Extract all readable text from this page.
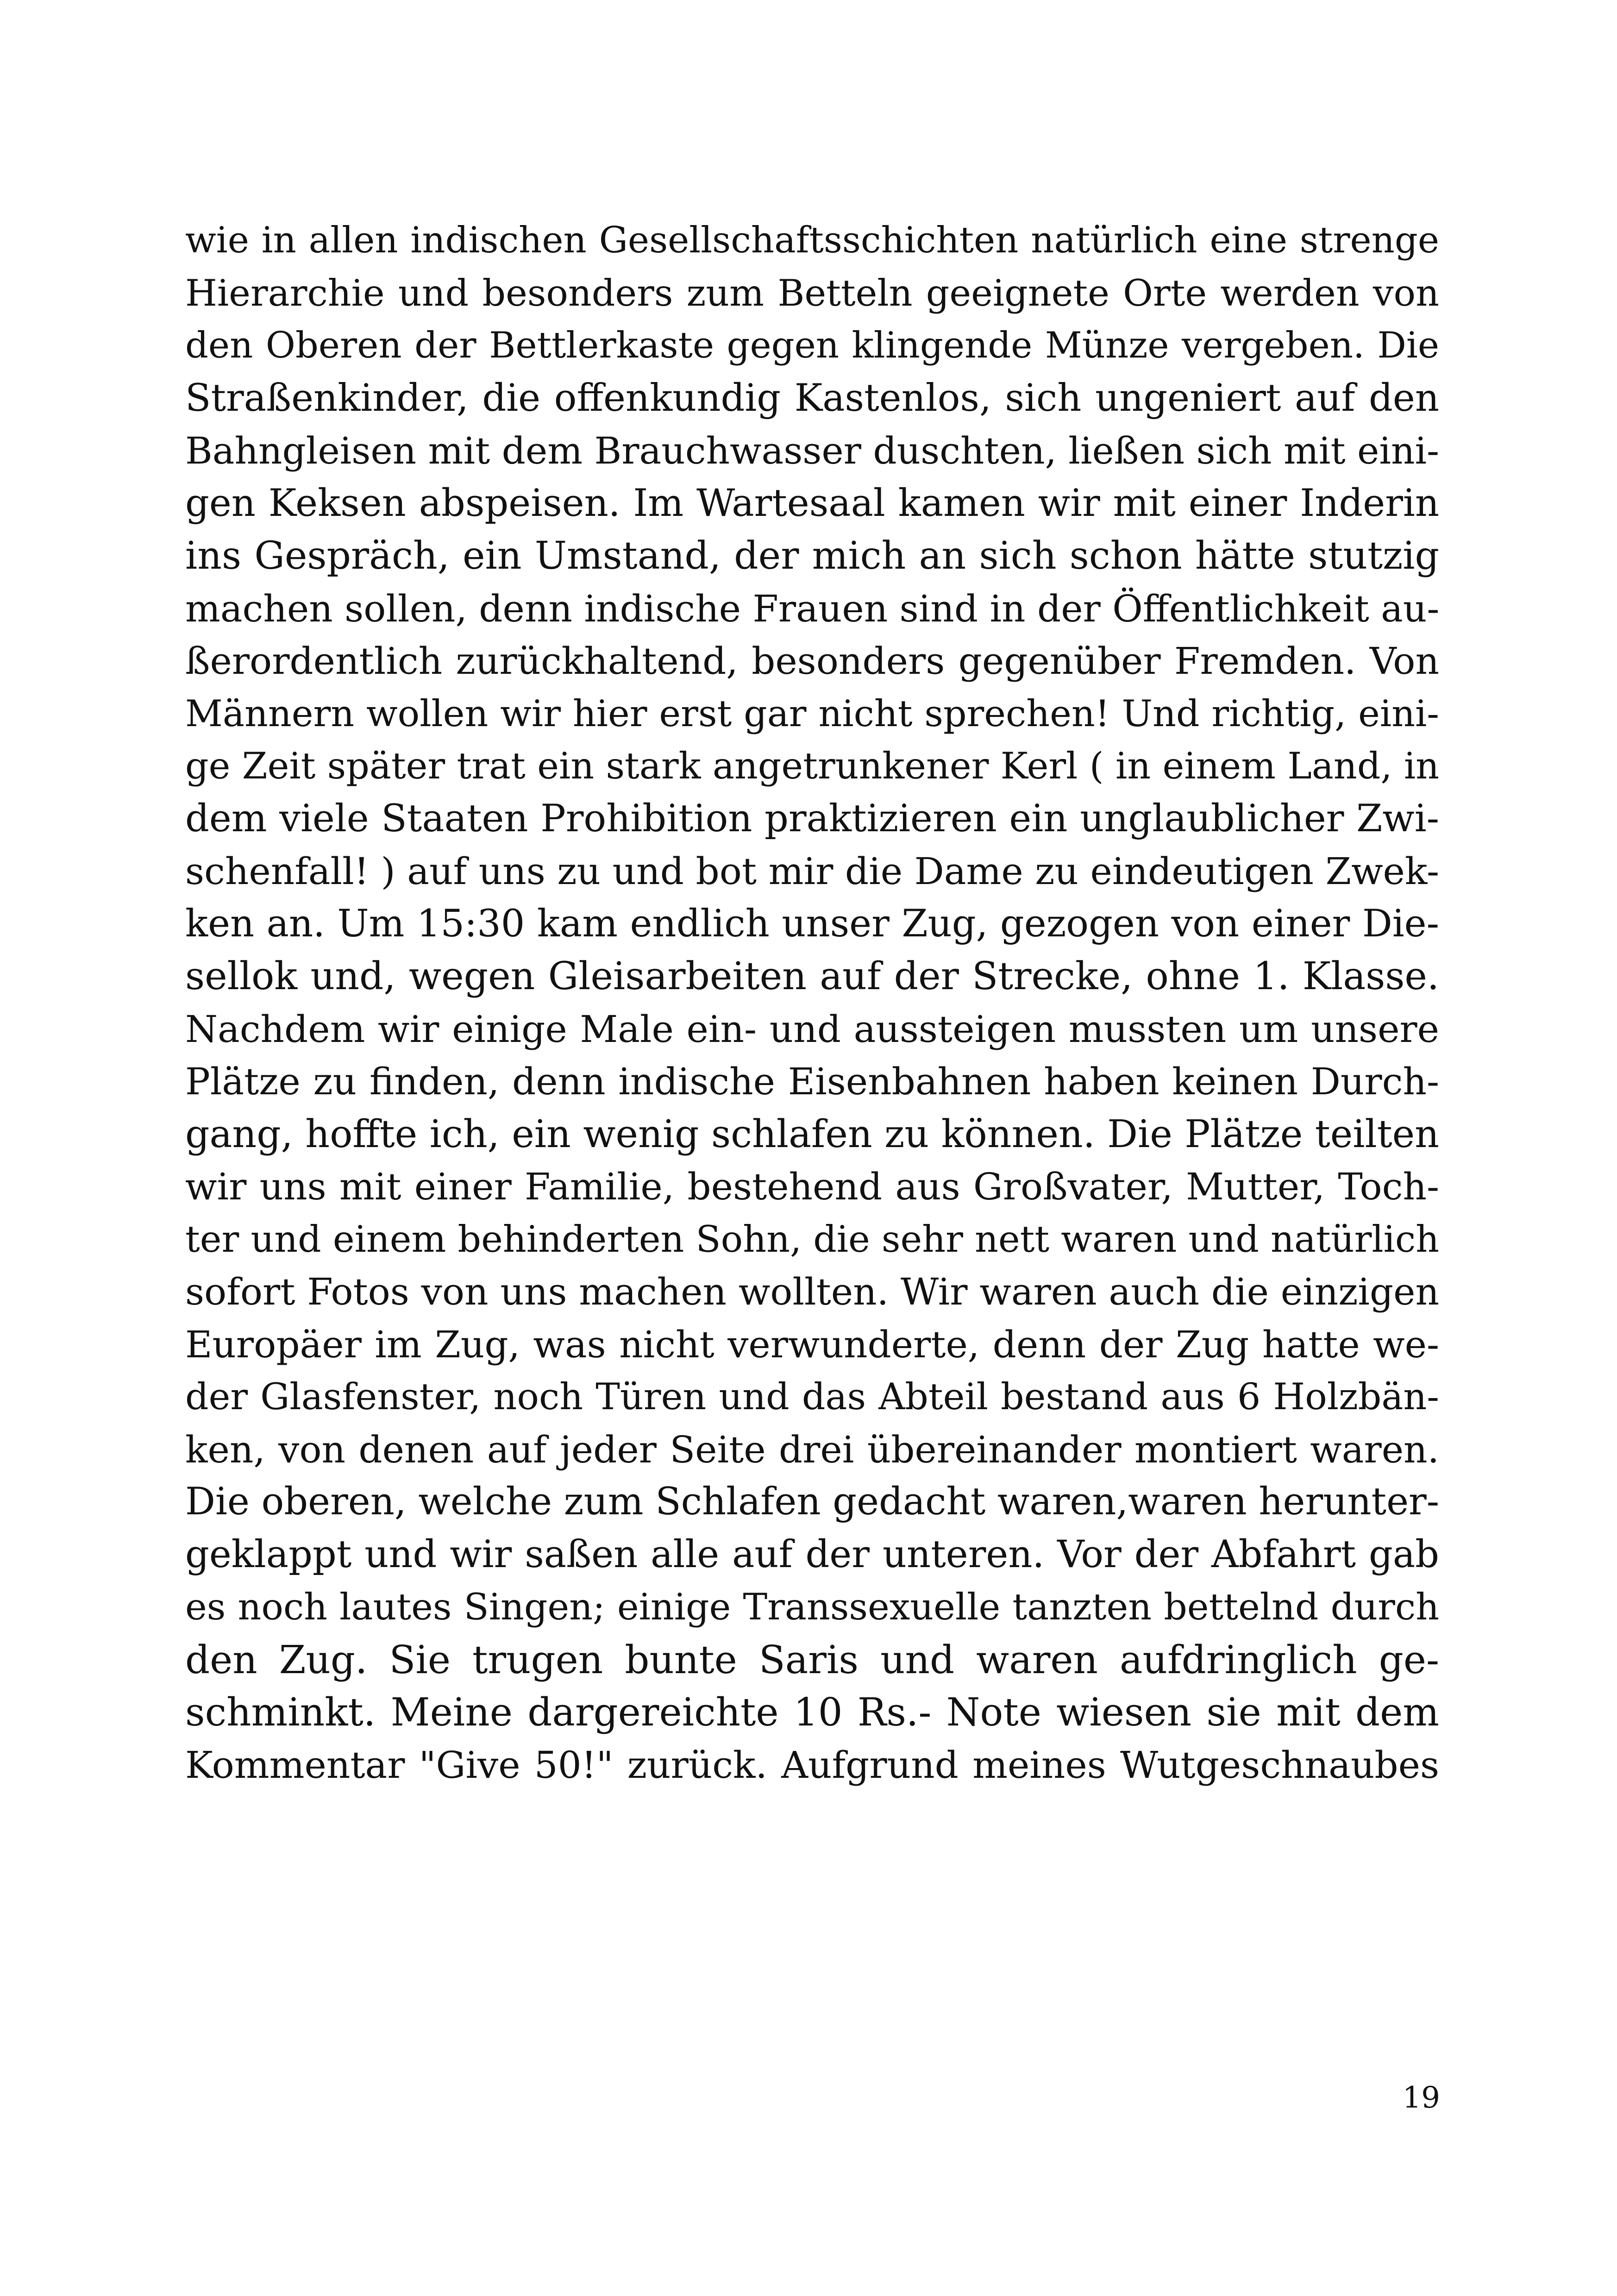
wie in allen indischen Gesellschaftsschichten natürlich eine strenge
Hierarchie und besonders zum Betteln geeignete Orte werden von
den Oberen der Bettlerkaste gegen klingende Münze vergeben. Die
Straßenkinder, die offenkundig Kastenlos, sich ungeniert auf den
Bahngleisen mit dem Brauchwasser duschten, ließen sich mit eini-
gen Keksen abspeisen. Im Wartesaal kamen wir mit einer Inderin
ins Gespräch, ein Umstand, der mich an sich schon hätte stutzig
machen sollen, denn indische Frauen sind in der Öffentlichkeit au-
ßerordentlich zurückhaltend, besonders gegenüber Fremden. Von
Männern wollen wir hier erst gar nicht sprechen! Und richtig, eini-
ge Zeit später trat ein stark angetrunkener Kerl ( in einem Land, in
dem viele Staaten Prohibition praktizieren ein unglaublicher Zwi-
schenfall! ) auf uns zu und bot mir die Dame zu eindeutigen Zwek-
ken an. Um 15:30 kam endlich unser Zug, gezogen von einer Die-
sellok und, wegen Gleisarbeiten auf der Strecke, ohne 1. Klasse.
Nachdem wir einige Male ein- und aussteigen mussten um unsere
Plätze zu finden, denn indische Eisenbahnen haben keinen Durch-
gang, hoffte ich, ein wenig schlafen zu können. Die Plätze teilten
wir uns mit einer Familie, bestehend aus Großvater, Mutter, Toch-
ter und einem behinderten Sohn, die sehr nett waren und natürlich
sofort Fotos von uns machen wollten. Wir waren auch die einzigen
Europäer im Zug, was nicht verwunderte, denn der Zug hatte we-
der Glasfenster, noch Türen und das Abteil bestand aus 6 Holzbän-
ken, von denen auf jeder Seite drei übereinander montiert waren.
Die oberen, welche zum Schlafen gedacht waren,waren herunter-
geklappt und wir saßen alle auf der unteren. Vor der Abfahrt gab
es noch lautes Singen; einige Transsexuelle tanzten bettelnd durch
den Zug. Sie trugen bunte Saris und waren aufdringlich ge-
schminkt. Meine dargereichte 10 Rs.- Note wiesen sie mit dem
Kommentar "Give 50!" zurück. Aufgrund meines Wutgeschnaubes
19
